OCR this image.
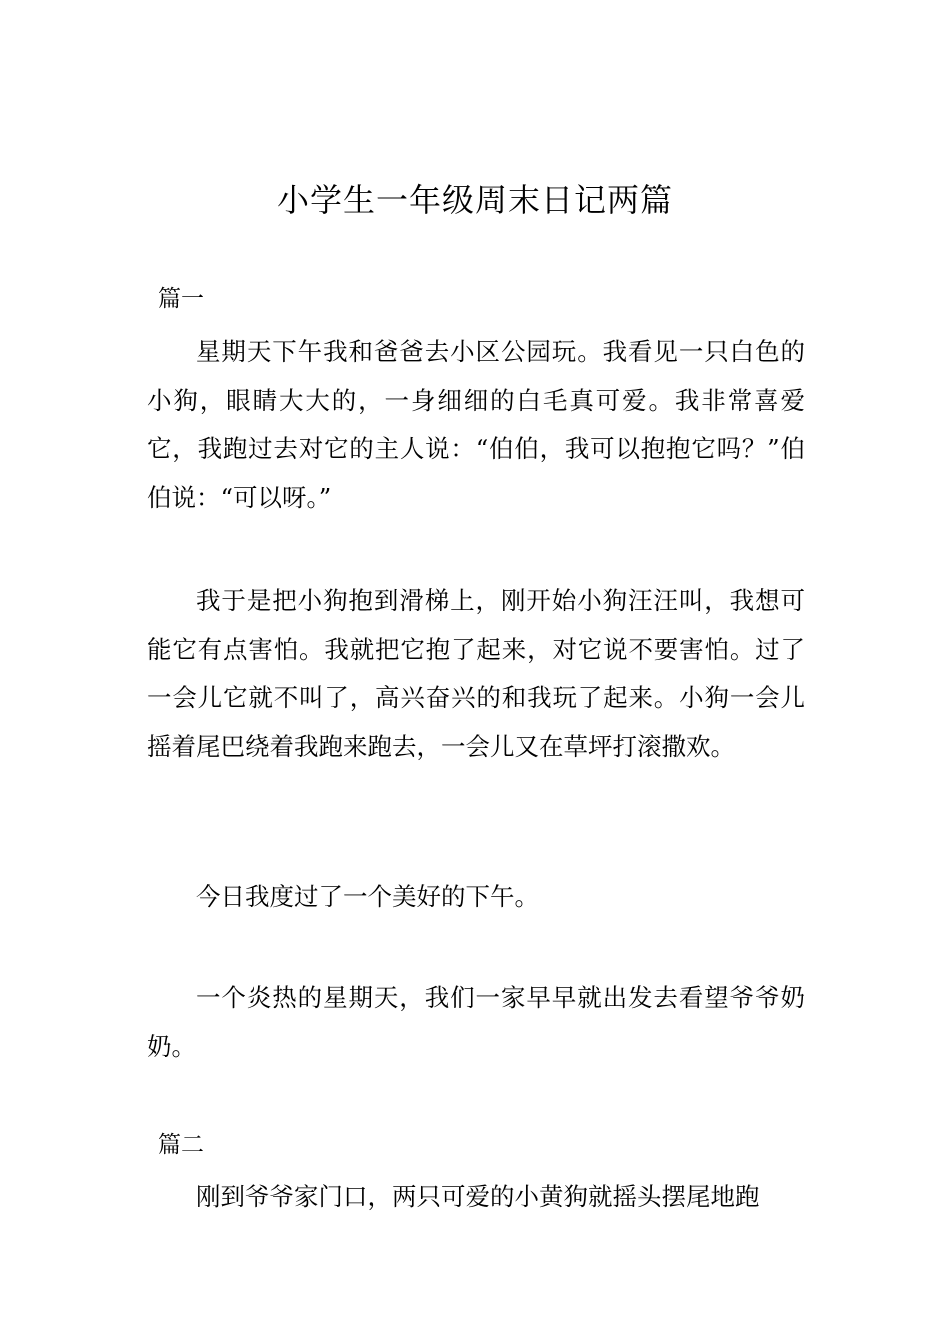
小学生一年级周末日记两篇
篇一

星期天下午我和爸爸去小区公园玩。我看见一只白色的小狗，眼睛大大的，一身细细的白毛真可爱。我非常喜爱它，我跑过去对它的主人说：“伯伯，我可以抱抱它吗？”伯伯说：“可以呀。”

我于是把小狗抱到滑梯上，刚开始小狗汪汪叫，我想可能它有点害怕。我就把它抱了起来，对它说不要害怕。过了一会儿它就不叫了，高兴奋兴的和我玩了起来。小狗一会儿摇着尾巴绕着我跑来跑去，一会儿又在草坪打滚撒欢。

今日我度过了一个美好的下午。

一个炎热的星期天，我们一家早早就出发去看望爷爷奶奶。

篇二

刚到爷爷家门口，两只可爱的小黄狗就摇头摆尾地跑
